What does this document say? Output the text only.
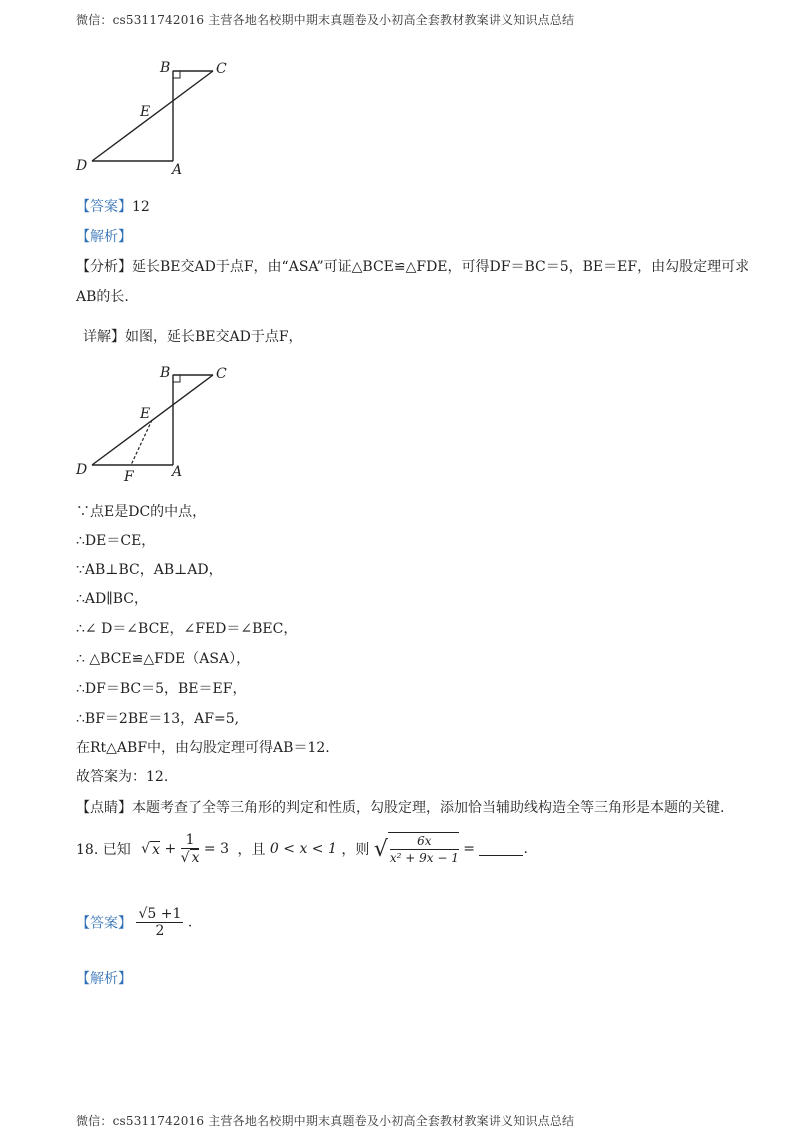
微信：cs5311742016 主营各地名校期中期末真题卷及小初高全套教材教案讲义知识点总结
B	C
E
D	A
【答案】12
【解析】
【分析】延长BE交AD于点F，由“ASA”可证△BCE≌△FDE，可得DF＝BC＝5，BE＝EF，由勾股定理可求
AB的长.
详解】如图，延长BE交AD于点F，
B	C
E
D	A
F
∵点E是DC的中点，
∴DE＝CE，
∵AB⊥BC，AB⊥AD，
∴AD∥BC，
∴∠ D＝∠BCE，∠FED＝∠BEC，
∴ △BCE≌△FDE（ASA），
∴DF＝BC＝5，BE＝EF，
∴BF＝2BE＝13，AF=5,
在Rt△ABF中，由勾股定理可得AB＝12.
故答案为：12.
【点睛】本题考查了全等三角形的判定和性质，勾股定理，添加恰当辅助线构造全等三角形是本题的关键.
18. 已知 √ $x + \frac{1}{√ x} = 3$ ，且 0 < x < 1 ，则 √ $\frac{6x}{\text{x² + 9x − 1}}$ =	.
【答案】 $\frac{√5 +1}{2}$ .
【解析】
微信：cs5311742016 主营各地名校期中期末真题卷及小初高全套教材教案讲义知识点总结
